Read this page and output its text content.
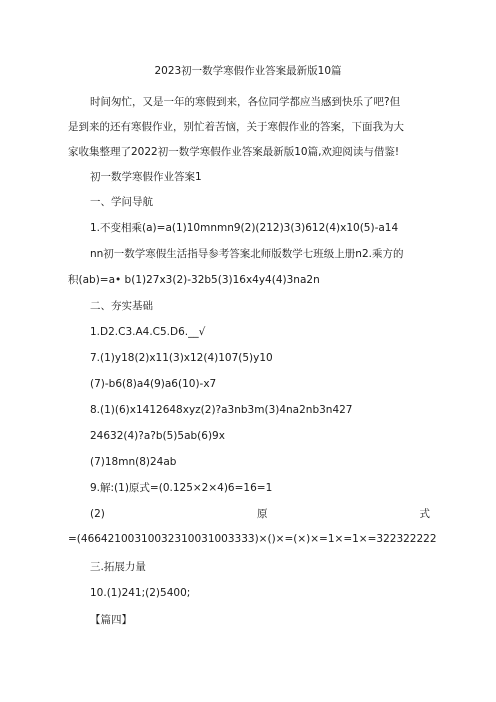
2023初一数学寒假作业答案最新版10篇
时间匆忙，又是一年的寒假到来，各位同学都应当感到快乐了吧?但
是到来的还有寒假作业，别忙着苦恼，关于寒假作业的答案，下面我为大
家收集整理了2022初一数学寒假作业答案最新版10篇,欢迎阅读与借鉴!
初一数学寒假作业答案1
一、学问导航
1.不变相乘(a)=a(1)10mnmn9(2)(212)3(3)612(4)x10(5)-a14
nn初一数学寒假生活指导参考答案北师版数学七班级上册n2.乘方的
积(ab)=a• b(1)27x3(2)-32b5(3)16x4y4(4)3na2n
二、夯实基础
1.D2.C3.A4.C5.D6.__√
7.(1)y18(2)x11(3)x12(4)107(5)y10
(7)-b6(8)a4(9)a6(10)-x7
8.(1)(6)x1412648xyz(2)?a3nb3m(3)4na2nb3n427
24632(4)?a?b(5)5ab(6)9x
(7)18mn(8)24ab
9.解:(1)原式=(0.125×2×4)6=16=1
(2)	原	式
=(46642100310032310031003333)×()×=(×)×=1×=1×=322322222
三.拓展力量
10.(1)241;(2)5400;
【篇四】
